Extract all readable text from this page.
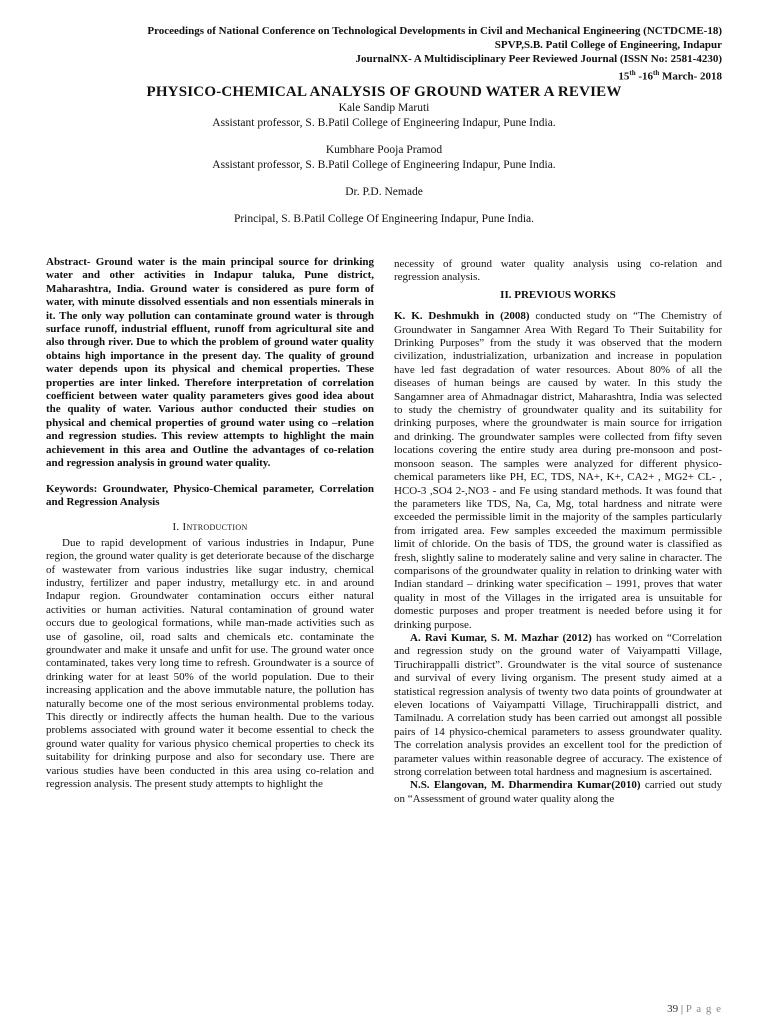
Proceedings of National Conference on Technological Developments in Civil and Mechanical Engineering (NCTDCME-18)
SPVP,S.B. Patil College of Engineering, Indapur
JournalNX- A Multidisciplinary Peer Reviewed Journal (ISSN No: 2581-4230)
15th -16th March- 2018
PHYSICO-CHEMICAL ANALYSIS OF GROUND WATER A REVIEW
Kale Sandip Maruti
Assistant professor, S. B.Patil College of Engineering Indapur, Pune India.
Kumbhare Pooja Pramod
Assistant professor, S. B.Patil College of Engineering Indapur, Pune India.
Dr. P.D. Nemade
Principal, S. B.Patil College Of Engineering Indapur, Pune India.

Abstract- Ground water is the main principal source for drinking water and other activities in Indapur taluka, Pune district, Maharashtra, India. Ground water is considered as pure form of water, with minute dissolved essentials and non essentials minerals in it. The only way pollution can contaminate ground water is through surface runoff, industrial effluent, runoff from agricultural site and also through river. Due to which the problem of ground water quality obtains high importance in the present day. The quality of ground water depends upon its physical and chemical properties. These properties are inter linked. Therefore interpretation of correlation coefficient between water quality parameters gives good idea about the quality of water. Various author conducted their studies on physical and chemical properties of ground water using co –relation and regression studies. This review attempts to highlight the main achievement in this area and Outline the advantages of co-relation and regression analysis in ground water quality.

Keywords: Groundwater, Physico-Chemical parameter, Correlation and Regression Analysis

I. Introduction

Due to rapid development of various industries in Indapur, Pune region, the ground water quality is get deteriorate because of the discharge of wastewater from various industries like sugar industry, chemical industry, fertilizer and paper industry, metallurgy etc. in and around Indapur region. Groundwater contamination occurs either natural activities or human activities. Natural contamination of ground water occurs due to geological formations, while man-made activities such as use of gasoline, oil, road salts and chemicals etc. contaminate the groundwater and make it unsafe and unfit for use. The ground water once contaminated, takes very long time to refresh. Groundwater is a source of drinking water for at least 50% of the world population. Due to their increasing application and the above immutable nature, the pollution has naturally become one of the most serious environmental problems today. This directly or indirectly affects the human health. Due to the various problems associated with ground water it become essential to check the ground water quality for various physico chemical properties to check its suitability for drinking purpose and also for secondary use. There are various studies have been conducted in this area using co-relation and regression analysis. The present study attempts to highlight the

necessity of ground water quality analysis using co-relation and regression analysis.

II. PREVIOUS WORKS

K. K. Deshmukh in (2008) conducted study on “The Chemistry of Groundwater in Sangamner Area With Regard To Their Suitability for Drinking Purposes” from the study it was observed that the modern civilization, industrialization, urbanization and increase in population have led fast degradation of water resources. About 80% of all the diseases of human beings are caused by water. In this study the Sangamner area of Ahmadnagar district, Maharashtra, India was selected to study the chemistry of groundwater quality and its suitability for drinking purposes, where the groundwater is main source for irrigation and drinking. The groundwater samples were collected from fifty seven locations covering the entire study area during pre-monsoon and post-monsoon season. The samples were analyzed for different physico-chemical parameters like PH, EC, TDS, NA+, K+, CA2+ , MG2+ CL- , HCO-3 ,SO4 2-,NO3 - and Fe using standard methods. It was found that the parameters like TDS, Na, Ca, Mg, total hardness and nitrate were exceeded the permissible limit in the majority of the samples particularly from irrigated area. Few samples exceeded the maximum permissible limit of chloride. On the basis of TDS, the ground water is classified as fresh, slightly saline to moderately saline and very saline in character. The comparisons of the groundwater quality in relation to drinking water with Indian standard – drinking water specification – 1991, proves that water quality in most of the Villages in the irrigated area is unsuitable for domestic purposes and proper treatment is needed before using it for drinking purpose.

A. Ravi Kumar, S. M. Mazhar (2012) has worked on “Correlation and regression study on the ground water of Vaiyampatti Village, Tiruchirappalli district”. Groundwater is the vital source of sustenance and survival of every living organism. The present study aimed at a statistical regression analysis of twenty two data points of groundwater at eleven locations of Vaiyampatti Village, Tiruchirappalli district, and Tamilnadu. A correlation study has been carried out amongst all possible pairs of 14 physico-chemical parameters to assess groundwater quality. The correlation analysis provides an excellent tool for the prediction of parameter values within reasonable degree of accuracy. The existence of strong correlation between total hardness and magnesium is ascertained.

N.S. Elangovan, M. Dharmendira Kumar(2010) carried out study on “Assessment of ground water quality along the

39 | P a g e
